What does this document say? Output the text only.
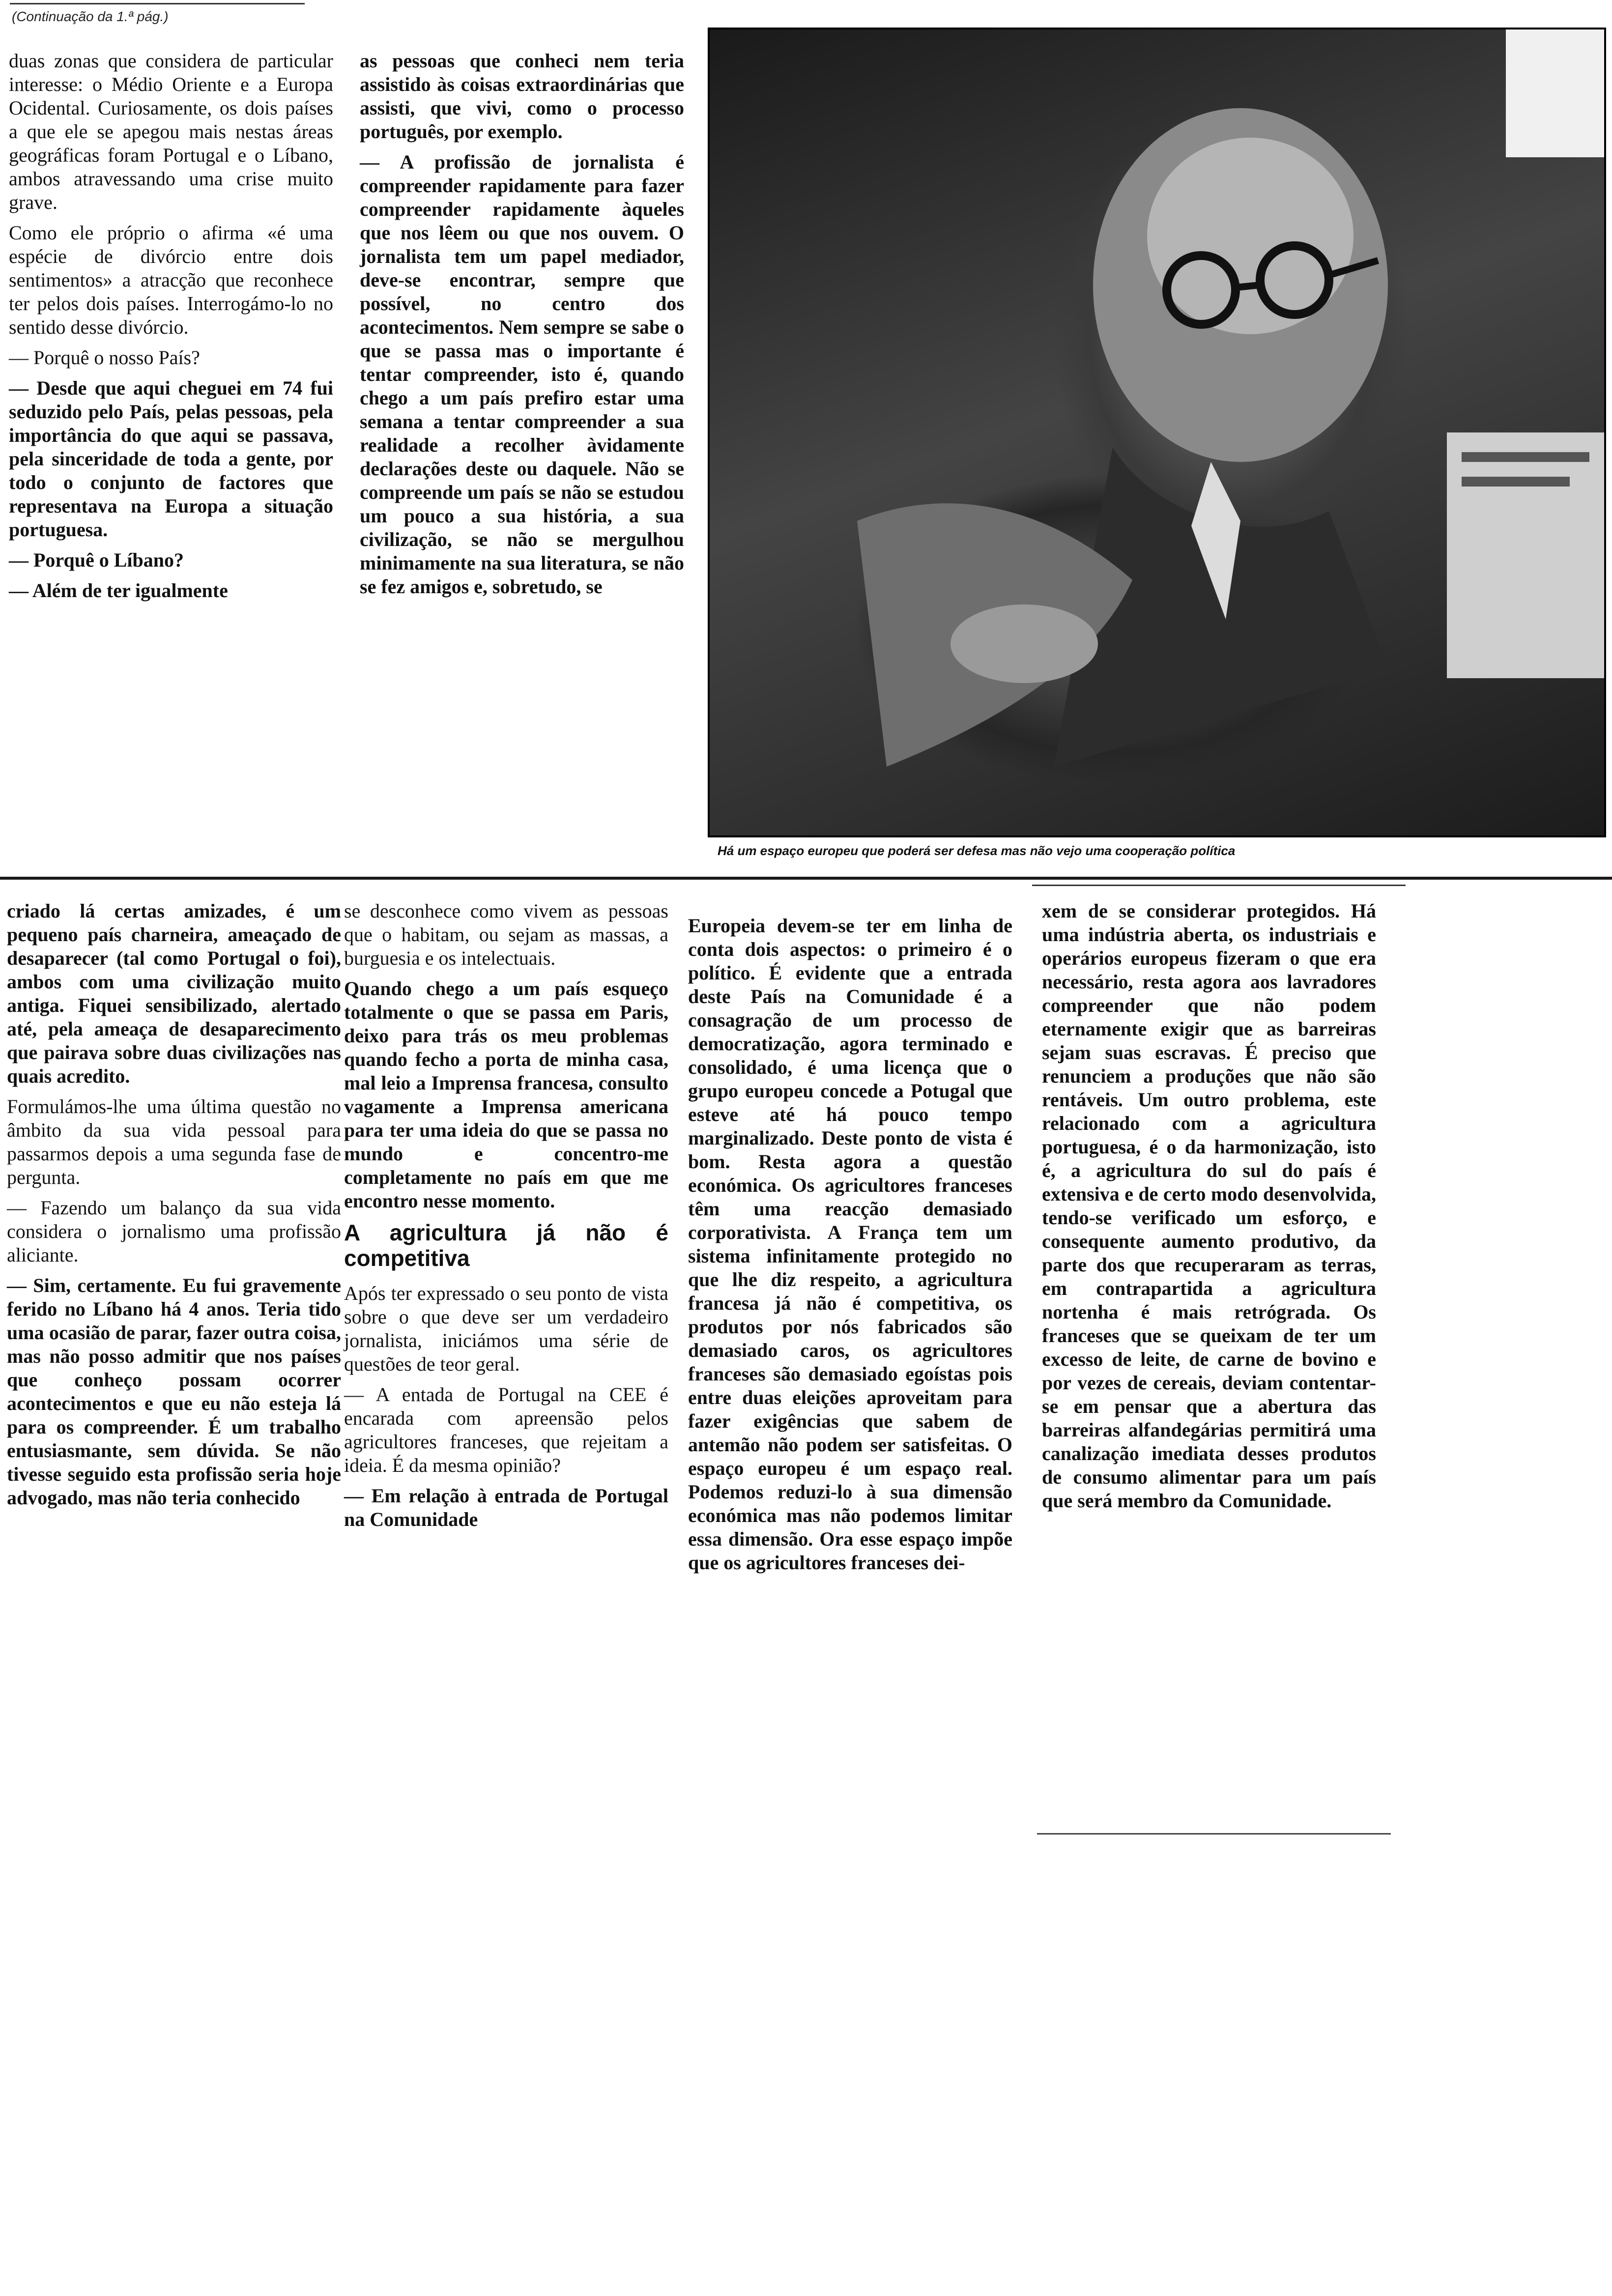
(Continuação da 1.ª pág.)

duas zonas que considera de particular interesse: o Médio Oriente e a Europa Ocidental. Curiosamente, os dois países a que ele se apegou mais nestas áreas geográficas foram Portugal e o Líbano, ambos atravessando uma crise muito grave.

Como ele próprio o afirma «é uma espécie de divórcio entre dois sentimentos» a atracção que reconhece ter pelos dois países. Interrogámo-lo no sentido desse divórcio.

— Porquê o nosso País?

— Desde que aqui cheguei em 74 fui seduzido pelo País, pelas pessoas, pela importância do que aqui se passava, pela sinceridade de toda a gente, por todo o conjunto de factores que representava na Europa a situação portuguesa.

— Porquê o Líbano?

— Além de ter igualmente

as pessoas que conheci nem teria assistido às coisas extraordinárias que assisti, que vivi, como o processo português, por exemplo.

— A profissão de jornalista é compreender rapidamente para fazer compreender rapidamente àqueles que nos lêem ou que nos ouvem. O jornalista tem um papel mediador, deve-se encontrar, sempre que possível, no centro dos acontecimentos. Nem sempre se sabe o que se passa mas o importante é tentar compreender, isto é, quando chego a um país prefiro estar uma semana a tentar compreender a sua realidade a recolher àvidamente declarações deste ou daquele. Não se compreende um país se não se estudou um pouco a sua história, a sua civilização, se não se mergulhou minimamente na sua literatura, se não se fez amigos e, sobretudo, se

Há um espaço europeu que poderá ser defesa mas não vejo uma cooperação política

criado lá certas amizades, é um pequeno país charneira, ameaçado de desaparecer (tal como Portugal o foi), ambos com uma civilização muito antiga. Fiquei sensibilizado, alertado até, pela ameaça de desaparecimento que pairava sobre duas civilizações nas quais acredito.

Formulámos-lhe uma última questão no âmbito da sua vida pessoal para passarmos depois a uma segunda fase de pergunta.

— Fazendo um balanço da sua vida considera o jornalismo uma profissão aliciante.

— Sim, certamente. Eu fui gravemente ferido no Líbano há 4 anos. Teria tido uma ocasião de parar, fazer outra coisa, mas não posso admitir que nos países que conheço possam ocorrer acontecimentos e que eu não esteja lá para os compreender. É um trabalho entusiasmante, sem dúvida. Se não tivesse seguido esta profissão seria hoje advogado, mas não teria conhecido

se desconhece como vivem as pessoas que o habitam, ou sejam as massas, a burguesia e os intelectuais.

Quando chego a um país esqueço totalmente o que se passa em Paris, deixo para trás os meu problemas quando fecho a porta de minha casa, mal leio a Imprensa francesa, consulto vagamente a Imprensa americana para ter uma ideia do que se passa no mundo e concentro-me completamente no país em que me encontro nesse momento.

A agricultura já não é competitiva

Após ter expressado o seu ponto de vista sobre o que deve ser um verdadeiro jornalista, iniciámos uma série de questões de teor geral.

— A entada de Portugal na CEE é encarada com apreensão pelos agricultores franceses, que rejeitam a ideia. É da mesma opinião?

— Em relação à entrada de Portugal na Comunidade

Europeia devem-se ter em linha de conta dois aspectos: o primeiro é o político. É evidente que a entrada deste País na Comunidade é a consagração de um processo de democratização, agora terminado e consolidado, é uma licença que o grupo europeu concede a Potugal que esteve até há pouco tempo marginalizado. Deste ponto de vista é bom. Resta agora a questão económica. Os agricultores franceses têm uma reacção demasiado corporativista. A França tem um sistema infinitamente protegido no que lhe diz respeito, a agricultura francesa já não é competitiva, os produtos por nós fabricados são demasiado caros, os agricultores franceses são demasiado egoístas pois entre duas eleições aproveitam para fazer exigências que sabem de antemão não podem ser satisfeitas. O espaço europeu é um espaço real. Podemos reduzi-lo à sua dimensão económica mas não podemos limitar essa dimensão. Ora esse espaço impõe que os agricultores franceses dei-

xem de se considerar protegidos. Há uma indústria aberta, os industriais e operários europeus fizeram o que era necessário, resta agora aos lavradores compreender que não podem eternamente exigir que as barreiras sejam suas escravas. É preciso que renunciem a produções que não são rentáveis. Um outro problema, este relacionado com a agricultura portuguesa, é o da harmonização, isto é, a agricultura do sul do país é extensiva e de certo modo desenvolvida, tendo-se verificado um esforço, e consequente aumento produtivo, da parte dos que recuperaram as terras, em contrapartida a agricultura nortenha é mais retrógrada. Os franceses que se queixam de ter um excesso de leite, de carne de bovino e por vezes de cereais, deviam contentar-se em pensar que a abertura das barreiras alfandegárias permitirá uma canalização imediata desses produtos de consumo alimentar para um país que será membro da Comunidade.
